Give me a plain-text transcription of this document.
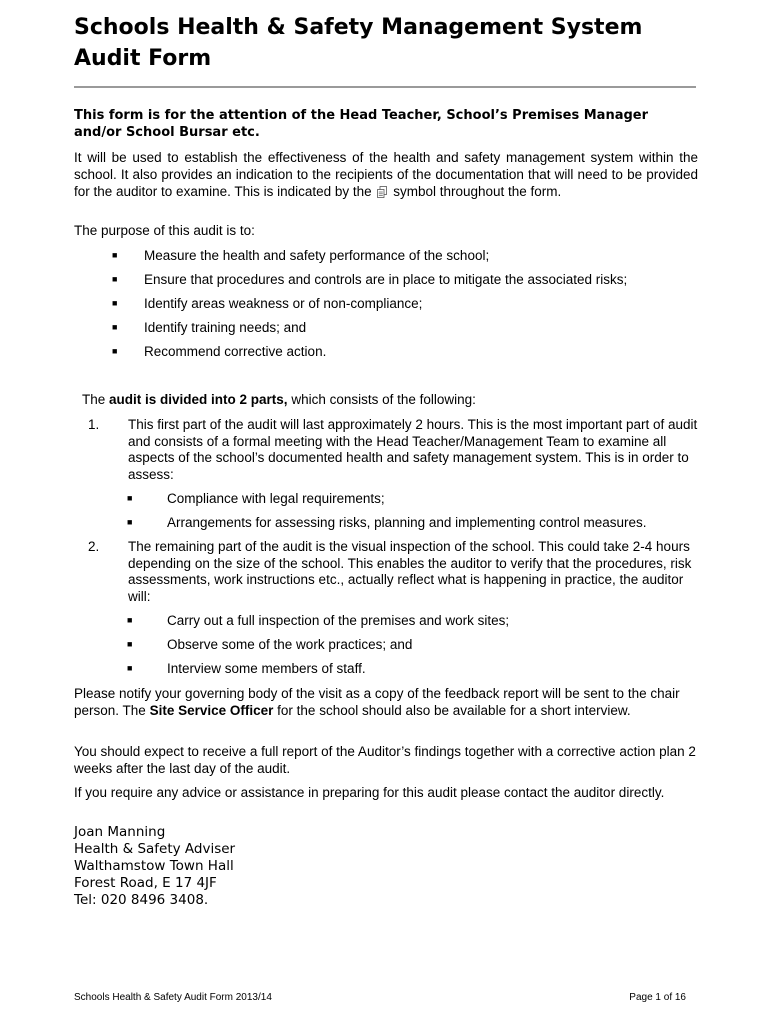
Schools Health & Safety Management System
Audit Form

This form is for the attention of the Head Teacher, School’s Premises Manager
and/or School Bursar etc.

It will be used to establish the effectiveness of the health and safety management system within the school. It also provides an indication to the recipients of the documentation that will need to be provided for the auditor to examine. This is indicated by the symbol throughout the form.

The purpose of this audit is to:

■ Measure the health and safety performance of the school;
■ Ensure that procedures and controls are in place to mitigate the associated risks;
■ Identify areas weakness or of non-compliance;
■ Identify training needs; and
■ Recommend corrective action.

The audit is divided into 2 parts, which consists of the following:

1. This first part of the audit will last approximately 2 hours. This is the most important part of audit and consists of a formal meeting with the Head Teacher/Management Team to examine all aspects of the school’s documented health and safety management system. This is in order to assess:
■	Compliance with legal requirements;
■	Arrangements for assessing risks, planning and implementing control measures.
2. The remaining part of the audit is the visual inspection of the school. This could take 2-4 hours depending on the size of the school. This enables the auditor to verify that the procedures, risk assessments, work instructions etc., actually reflect what is happening in practice, the auditor will:
■	Carry out a full inspection of the premises and work sites;
■	Observe some of the work practices; and
■	Interview some members of staff.

Please notify your governing body of the visit as a copy of the feedback report will be sent to the chair person. The Site Service Officer for the school should also be available for a short interview.

You should expect to receive a full report of the Auditor’s findings together with a corrective action plan 2 weeks after the last day of the audit.

If you require any advice or assistance in preparing for this audit please contact the auditor directly.

Joan Manning
Health & Safety Adviser
Walthamstow Town Hall
Forest Road, E 17 4JF
Tel: 020 8496 3408.
Schools Health & Safety Audit Form 2013/14	Page 1 of 16
